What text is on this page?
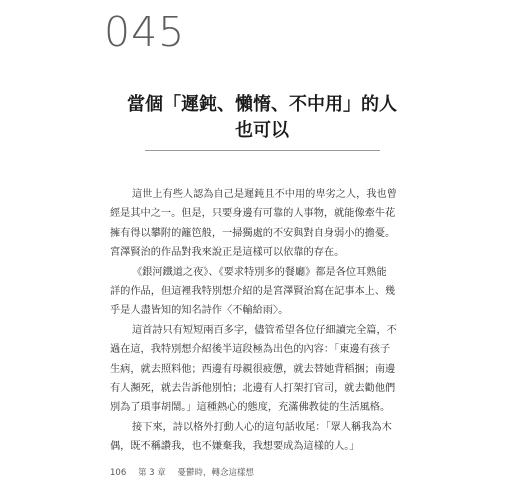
045
當個「遲鈍、懶惰、不中用」的人
也可以
這世上有些人認為自己是遲鈍且不中用的卑劣之人，我也曾
經是其中之一。但是，只要身邊有可靠的人事物，就能像牽牛花
擁有得以攀附的籬笆般，一掃獨處的不安與對自身弱小的擔憂。
宮澤賢治的作品對我來說正是這樣可以依靠的存在。
《銀河鐵道之夜》、《要求特別多的餐廳》都是各位耳熟能
詳的作品，但這裡我特別想介紹的是宮澤賢治寫在記事本上、幾
乎是人盡皆知的知名詩作〈不輸給雨〉。
這首詩只有短短兩百多字，儘管希望各位仔細讀完全篇，不
過在這，我特別想介紹後半這段極為出色的內容：「東邊有孩子
生病，就去照料他；西邊有母親很疲憊，就去替她背稻捆；南邊
有人瀕死，就去告訴他別怕；北邊有人打架打官司，就去勸他們
別為了瑣事胡鬧。」這種熱心的態度，充滿佛教徒的生活風格。
接下來，詩以格外打動人心的這句話收尾：「眾人稱我為木
偶，既不稱讚我，也不嫌棄我，我想要成為這樣的人。」
106 第 3 章 憂鬱時，轉念這樣想
